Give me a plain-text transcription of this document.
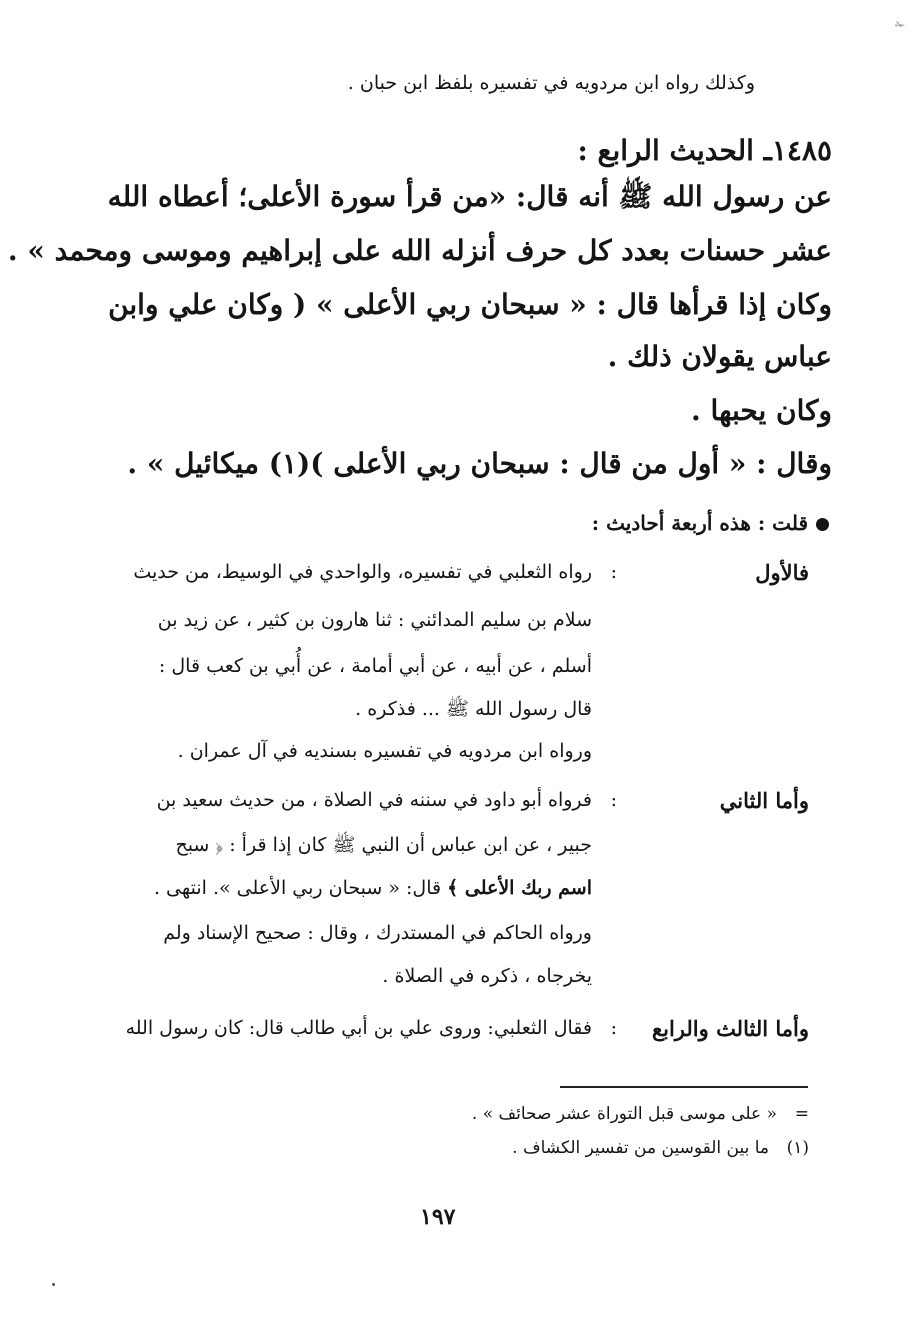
وكذلك رواه ابن مردويه في تفسيره بلفظ ابن حبان .
١٤٨٥ـ الحديث الرابع :
عن رسول الله ﷺ أنه قال: «من قرأ سورة الأعلى؛ أعطاه الله
عشر حسنات بعدد كل حرف أنزله الله على إبراهيم وموسى ومحمد » .
وكان إذا قرأها قال : « سبحان ربي الأعلى » ( وكان علي وابن
عباس يقولان ذلك .
وكان يحبها .
وقال : « أول من قال : سبحان ربي الأعلى )(١) ميكائيل » .
قلت : هذه أربعة أحاديث :
فالأول
:
رواه الثعلبي في تفسيره، والواحدي في الوسيط، من حديث
سلام بن سليم المدائني : ثنا هارون بن كثير ، عن زيد بن
أسلم ، عن أبيه ، عن أبي أمامة ، عن أُبي بن كعب قال :
قال رسول الله ﷺ ... فذكره .
ورواه ابن مردويه في تفسيره بسنديه في آل عمران .
وأما الثاني
:
فرواه أبو داود في سننه في الصلاة ، من حديث سعيد بن
جبير ، عن ابن عباس أن النبي ﷺ كان إذا قرأ : ﴿ سبح
اسم ربك الأعلى ﴾ قال: « سبحان ربي الأعلى ». انتهى .
ورواه الحاكم في المستدرك ، وقال : صحيح الإسناد ولم
يخرجاه ، ذكره في الصلاة .
وأما الثالث والرابع
:
فقال الثعلبي: وروى علي بن أبي طالب قال: كان رسول الله
=
« على موسى قبل التوراة عشر صحائف » .
(١)
ما بين القوسين من تفسير الكشاف .
١٩٧
✁
